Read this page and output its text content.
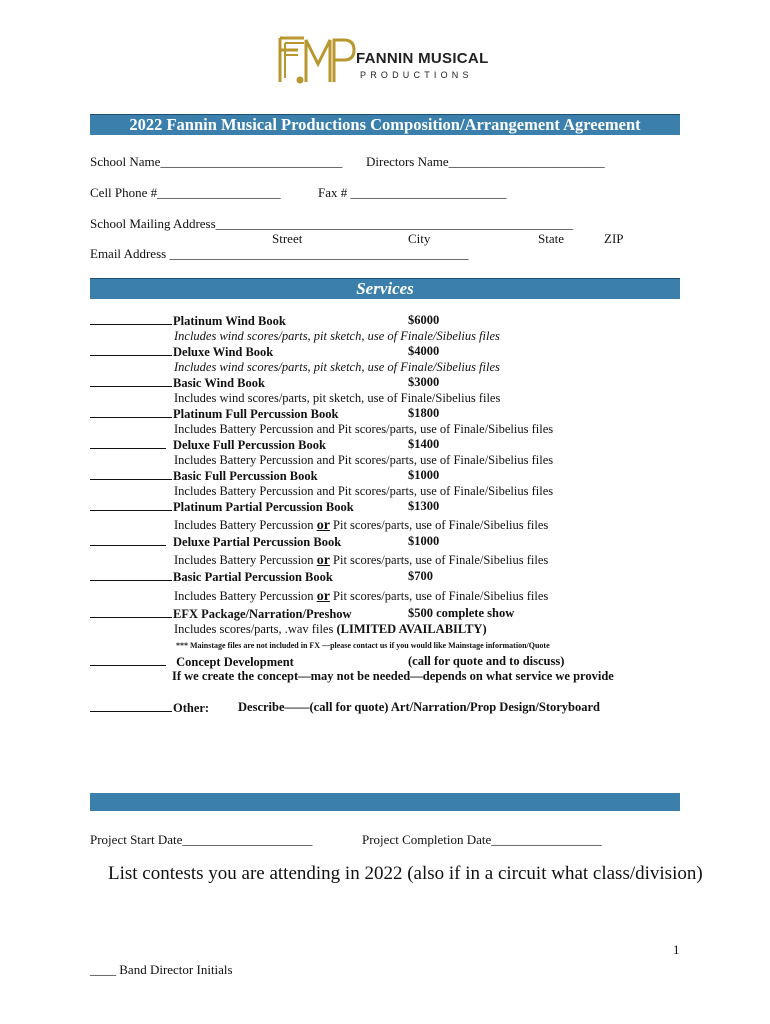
FANNIN MUSICAL
PRODUCTIONS
2022 Fannin Musical Productions Composition/Arrangement Agreement
School Name____________________________ Directors Name________________________
Cell Phone #___________________	Fax # ________________________
School Mailing Address_______________________________________________________
Street	City	State	ZIP
Email Address ______________________________________________
Services
Platinum Wind Book	$6000
Includes wind scores/parts, pit sketch, use of Finale/Sibelius files
Deluxe Wind Book	$4000
Includes wind scores/parts, pit sketch, use of Finale/Sibelius files
Basic Wind Book	$3000
Includes wind scores/parts, pit sketch, use of Finale/Sibelius files
Platinum Full Percussion Book	$1800
Includes Battery Percussion and Pit scores/parts, use of Finale/Sibelius files
Deluxe Full Percussion Book	$1400
Includes Battery Percussion and Pit scores/parts, use of Finale/Sibelius files
Basic Full Percussion Book	$1000
Includes Battery Percussion and Pit scores/parts, use of Finale/Sibelius files
Platinum Partial Percussion Book	$1300
Includes Battery Percussion or Pit scores/parts, use of Finale/Sibelius files
Deluxe Partial Percussion Book	$1000
Includes Battery Percussion or Pit scores/parts, use of Finale/Sibelius files
Basic Partial Percussion Book	$700
Includes Battery Percussion or Pit scores/parts, use of Finale/Sibelius files
EFX Package/Narration/Preshow	$500 complete show
Includes scores/parts, .wav files (LIMITED AVAILABILTY)
*** Mainstage files are not included in FX —please contact us if you would like Mainstage information/Quote
Concept Development	(call for quote and to discuss)
If we create the concept—may not be needed—depends on what service we provide
Other: Describe——(call for quote) Art/Narration/Prop Design/Storyboard
Project Start Date____________________	Project Completion Date_________________
List contests you are attending in 2022 (also if in a circuit what class/division)
1
____ Band Director Initials
